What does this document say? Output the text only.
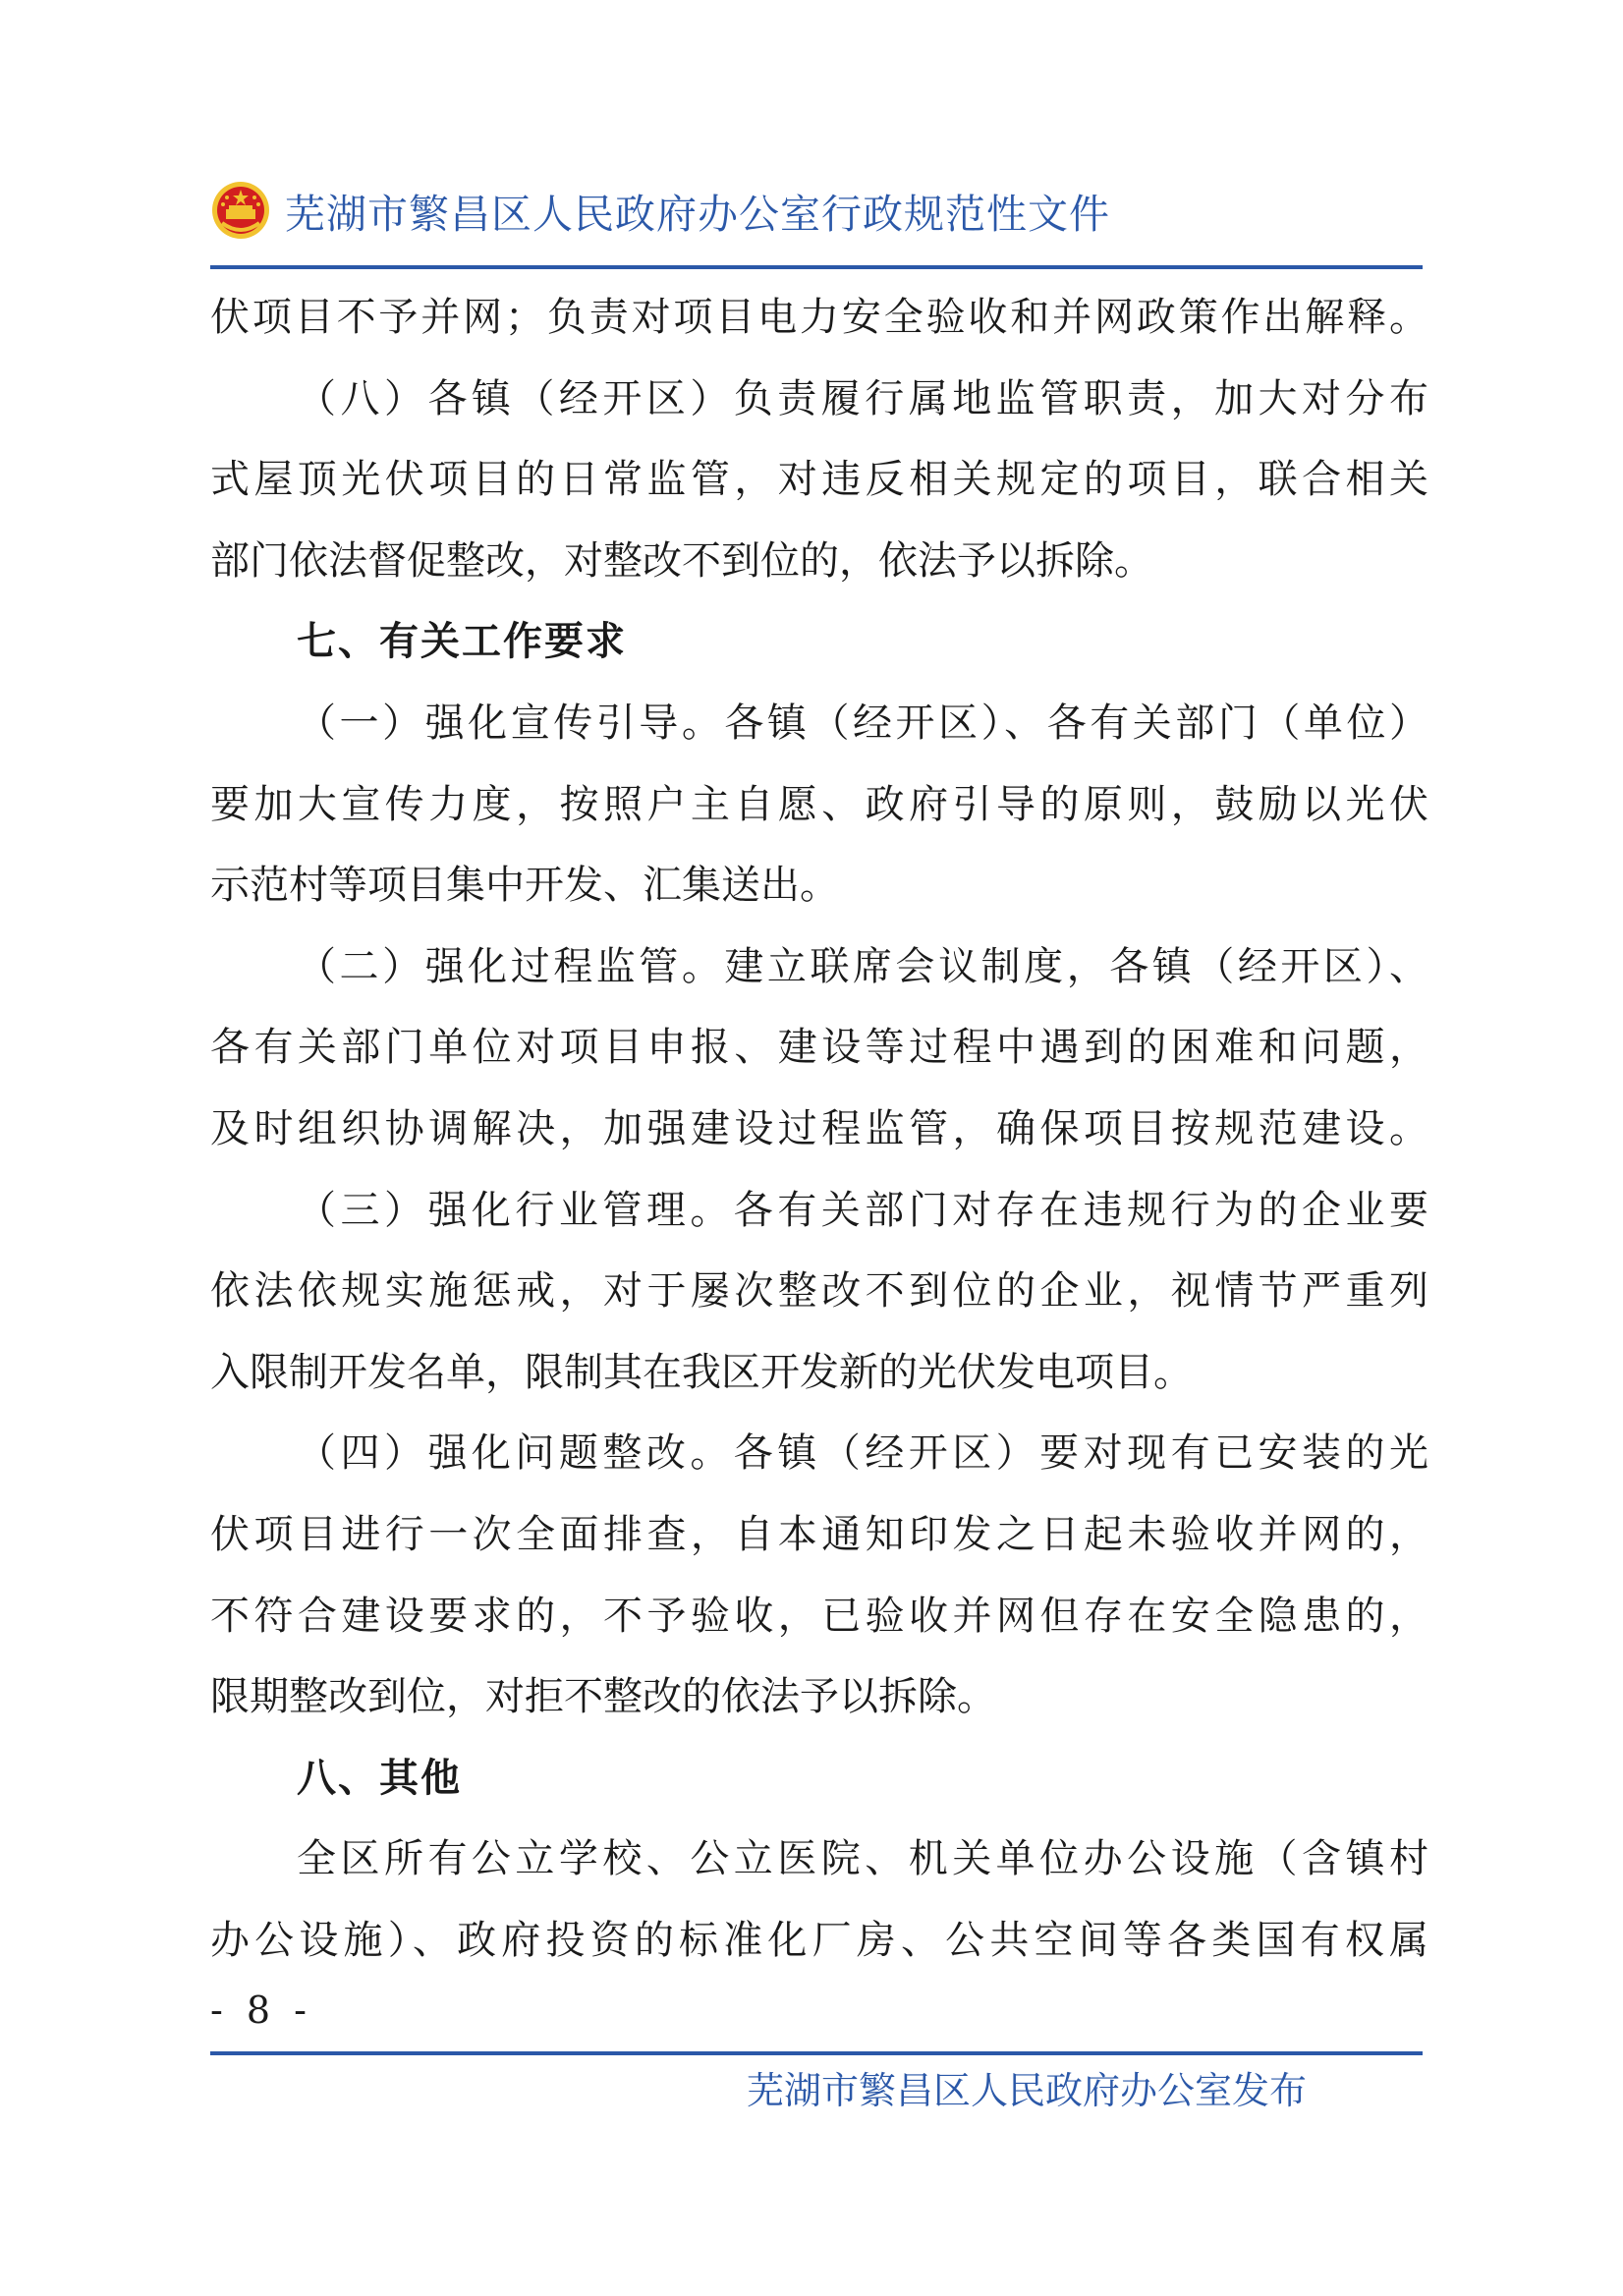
芜湖市繁昌区人民政府办公室行政规范性文件
伏项目不予并网；负责对项目电力安全验收和并网政策作出解释。
（八）各镇（经开区）负责履行属地监管职责，加大对分布
式屋顶光伏项目的日常监管，对违反相关规定的项目，联合相关
部门依法督促整改，对整改不到位的，依法予以拆除。
七、有关工作要求
（一）强化宣传引导。各镇（经开区）、各有关部门（单位）
要加大宣传力度，按照户主自愿、政府引导的原则，鼓励以光伏
示范村等项目集中开发、汇集送出。
（二）强化过程监管。建立联席会议制度，各镇（经开区）、
各有关部门单位对项目申报、建设等过程中遇到的困难和问题，
及时组织协调解决，加强建设过程监管，确保项目按规范建设。
（三）强化行业管理。各有关部门对存在违规行为的企业要
依法依规实施惩戒，对于屡次整改不到位的企业，视情节严重列
入限制开发名单，限制其在我区开发新的光伏发电项目。
（四）强化问题整改。各镇（经开区）要对现有已安装的光
伏项目进行一次全面排查，自本通知印发之日起未验收并网的，
不符合建设要求的，不予验收，已验收并网但存在安全隐患的，
限期整改到位，对拒不整改的依法予以拆除。
八、其他
全区所有公立学校、公立医院、机关单位办公设施（含镇村
办公设施）、政府投资的标准化厂房、公共空间等各类国有权属
- 8 -
芜湖市繁昌区人民政府办公室发布
